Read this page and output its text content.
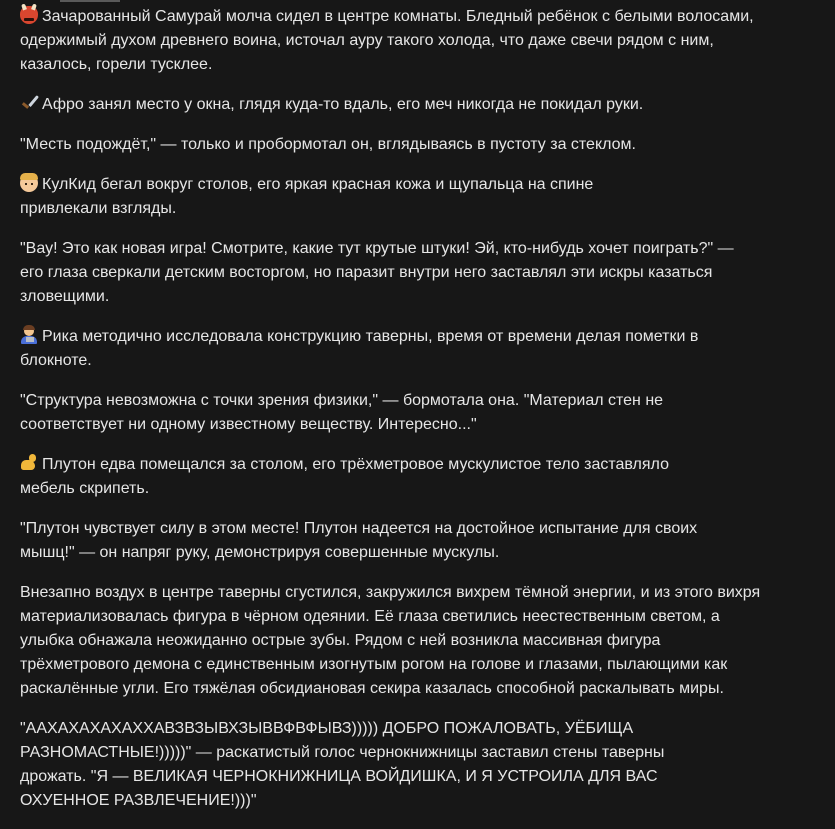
Зачарованный Самурай молча сидел в центре комнаты. Бледный ребёнок с белыми волосами, одержимый духом древнего воина, источал ауру такого холода, что даже свечи рядом с ним, казалось, горели тусклее.

Афро занял место у окна, глядя куда-то вдаль, его меч никогда не покидал руки.

"Месть подождёт," — только и пробормотал он, вглядываясь в пустоту за стеклом.

КулКид бегал вокруг столов, его яркая красная кожа и щупальца на спине привлекали взгляды.

"Вау! Это как новая игра! Смотрите, какие тут крутые штуки! Эй, кто-нибудь хочет поиграть?" — его глаза сверкали детским восторгом, но паразит внутри него заставлял эти искры казаться зловещими.

Рика методично исследовала конструкцию таверны, время от времени делая пометки в блокноте.

"Структура невозможна с точки зрения физики," — бормотала она. "Материал стен не соответствует ни одному известному веществу. Интересно..."

Плутон едва помещался за столом, его трёхметровое мускулистое тело заставляло мебель скрипеть.

"Плутон чувствует силу в этом месте! Плутон надеется на достойное испытание для своих мышц!" — он напряг руку, демонстрируя совершенные мускулы.

Внезапно воздух в центре таверны сгустился, закружился вихрем тёмной энергии, и из этого вихря материализовалась фигура в чёрном одеянии. Её глаза светились неестественным светом, а улыбка обнажала неожиданно острые зубы. Рядом с ней возникла массивная фигура трёхметрового демона с единственным изогнутым рогом на голове и глазами, пылающими как раскалённые угли. Его тяжёлая обсидиановая секира казалась способной раскалывать миры.

"ААХАХАХАХАХХАВЗВЗЫВХЗЫВВФВФЫВЗ))))) ДОБРО ПОЖАЛОВАТЬ, УЁБИЩА РАЗНОМАСТНЫЕ!)))))" — раскатистый голос чернокнижницы заставил стены таверны дрожать. "Я — ВЕЛИКАЯ ЧЕРНОКНИЖНИЦА ВОЙДИШКА, И Я УСТРОИЛА ДЛЯ ВАС ОХУЕННОЕ РАЗВЛЕЧЕНИЕ!)))"
